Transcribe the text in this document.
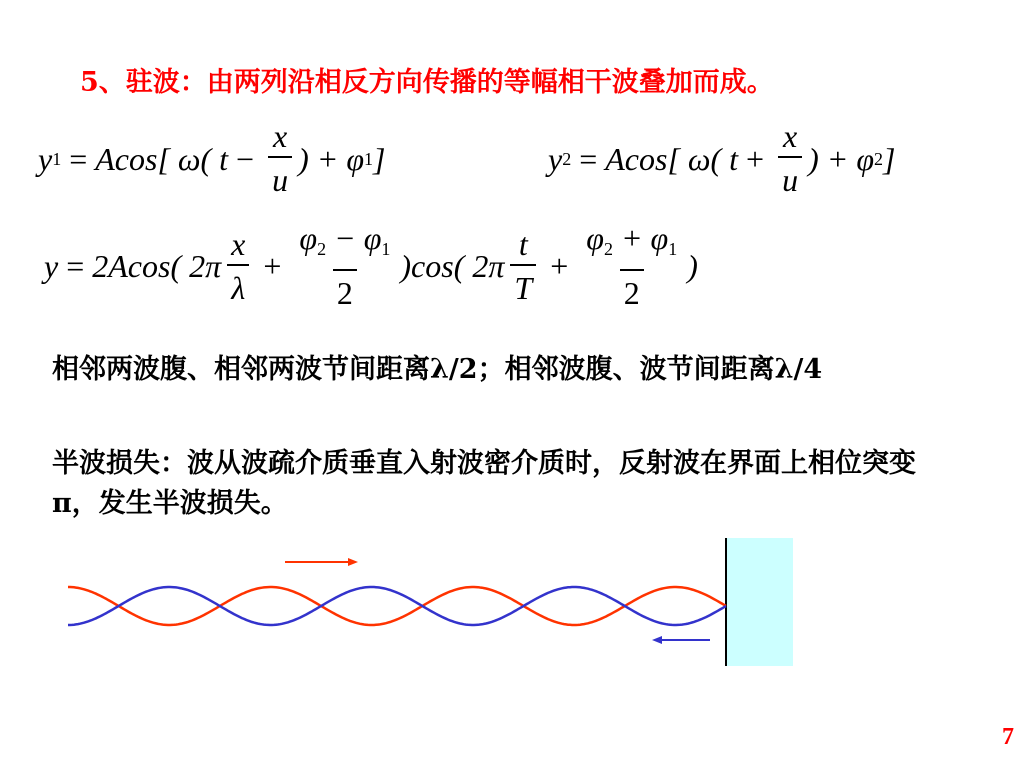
5、驻波：由两列沿相反方向传播的等幅相干波叠加而成。
y 1 = Acos[ ω( $t - \frac{x}{u}$ ) + φ 1 ]	y 2 = Acos[ ω( $t + \frac{x}{u}$ ) + φ 2 ]
y = 2Acos( $2\pi \frac{x}{\lambda} + \frac{\varphi_2 - \varphi_1}{2} )\cos$( $2\pi \frac{t}{T} + \frac{\varphi_2 + \varphi_1}{2}$ )
相邻两波腹、相邻两波节间距离λ/2；相邻波腹、波节间距离λ/4
半波损失：波从波疏介质垂直入射波密介质时，反射波在界面上相位突变π，发生半波损失。
7
